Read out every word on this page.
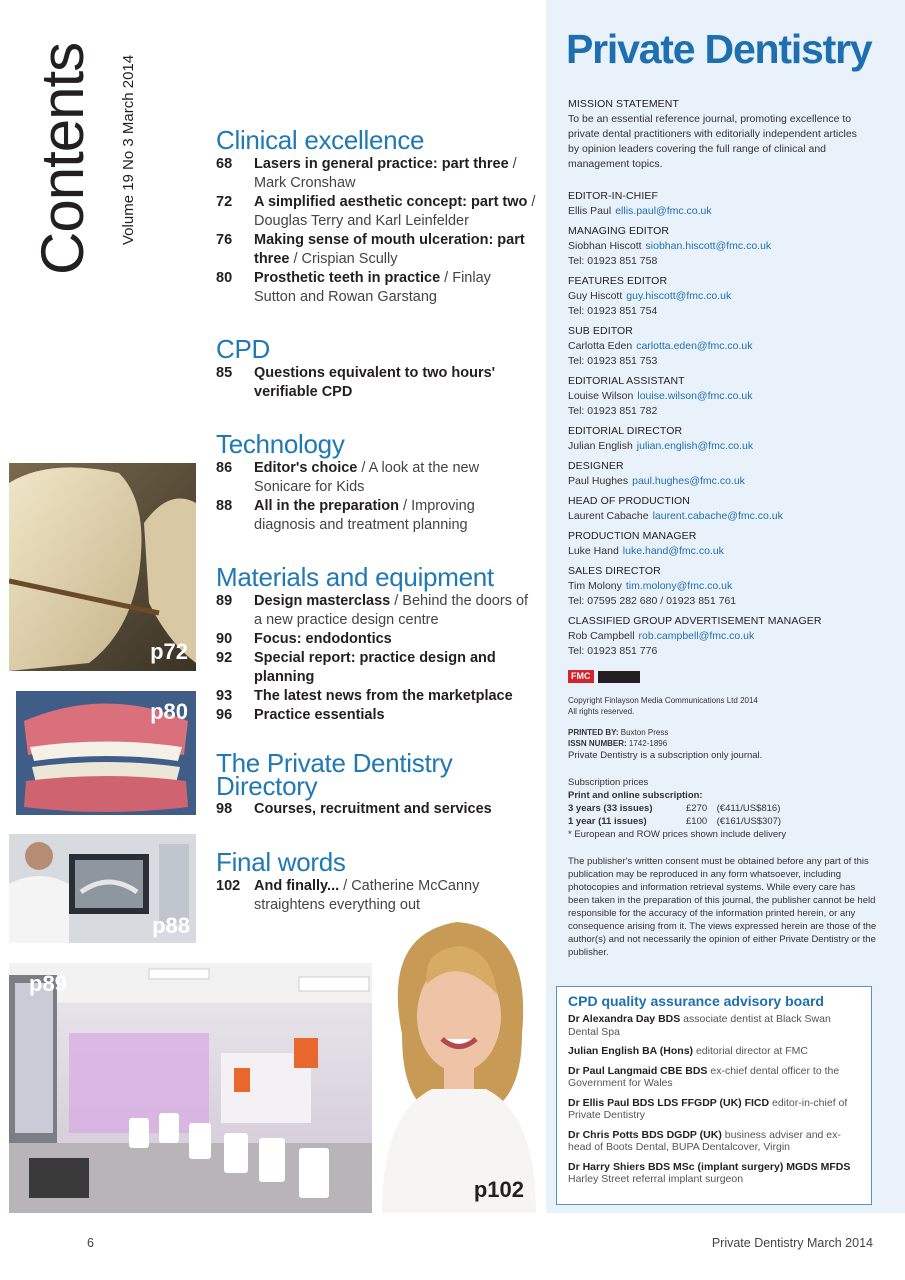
Contents Volume 19 No 3 March 2014	Clinical excellence
68	Lasers in general practice: part three / Mark Cronshaw
72	A simplified aesthetic concept: part two / Douglas Terry and Karl Leinfelder
76	Making sense of mouth ulceration: part three / Crispian Scully
80	Prosthetic teeth in practice / Finlay Sutton and Rowan Garstang
CPD
85	Questions equivalent to two hours' verifiable CPD
Technology
86	Editor's choice / A look at the new Sonicare for Kids
88	All in the preparation / Improving diagnosis and treatment planning
Materials and equipment
89	Design masterclass / Behind the doors of a new practice design centre
90	Focus: endodontics
92	Special report: practice design and planning
93	The latest news from the marketplace
96	Practice essentials
The Private Dentistry Directory
98	Courses, recruitment and services
Final words
102 And finally... / Catherine McCanny straightens everything out
p72
p80
p88
p89
p102
Private Dentistry
MISSION STATEMENT
To be an essential reference journal, promoting excellence to private dental practitioners with editorially independent articles by opinion leaders covering the full range of clinical and management topics.
EDITOR-IN-CHIEF
Ellis Paul ellis.paul@fmc.co.uk
MANAGING EDITOR
Siobhan Hiscott siobhan.hiscott@fmc.co.uk
Tel: 01923 851 758
FEATURES EDITOR
Guy Hiscott guy.hiscott@fmc.co.uk
Tel: 01923 851 754
SUB EDITOR
Carlotta Eden carlotta.eden@fmc.co.uk
Tel: 01923 851 753
EDITORIAL ASSISTANT
Louise Wilson louise.wilson@fmc.co.uk
Tel: 01923 851 782
EDITORIAL DIRECTOR
Julian English julian.english@fmc.co.uk
DESIGNER
Paul Hughes paul.hughes@fmc.co.uk
HEAD OF PRODUCTION
Laurent Cabache laurent.cabache@fmc.co.uk
PRODUCTION MANAGER
Luke Hand luke.hand@fmc.co.uk
SALES DIRECTOR
Tim Molony tim.molony@fmc.co.uk
Tel: 07595 282 680 / 01923 851 761
CLASSIFIED GROUP ADVERTISEMENT MANAGER
Rob Campbell rob.campbell@fmc.co.uk
Tel: 01923 851 776
FMC
Copyright Finlayson Media Communications Ltd 2014
All rights reserved.
PRINTED BY: Buxton Press
ISSN NUMBER: 1742-1896
Private Dentistry is a subscription only journal.
Subscription prices
Print and online subscription:
3 years (33 issues)	£270 (€411/US$816)
1 year (11 issues)	£100 (€161/US$307)
* European and ROW prices shown include delivery
The publisher's written consent must be obtained before any part of this publication may be reproduced in any form whatsoever, including photocopies and information retrieval systems. While every care has been taken in the preparation of this journal, the publisher cannot be held responsible for the accuracy of the information printed herein, or any consequence arising from it. The views expressed herein are those of the author(s) and not necessarily the opinion of either Private Dentistry or the publisher.
CPD quality assurance advisory board
Dr Alexandra Day BDS associate dentist at Black Swan Dental Spa
Julian English BA (Hons) editorial director at FMC
Dr Paul Langmaid CBE BDS ex-chief dental officer to the Government for Wales
Dr Ellis Paul BDS LDS FFGDP (UK) FICD editor-in-chief of Private Dentistry
Dr Chris Potts BDS DGDP (UK) business adviser and ex-head of Boots Dental, BUPA Dentalcover, Virgin
Dr Harry Shiers BDS MSc (implant surgery) MGDS MFDS Harley Street referral implant surgeon
6	Private Dentistry March 2014
